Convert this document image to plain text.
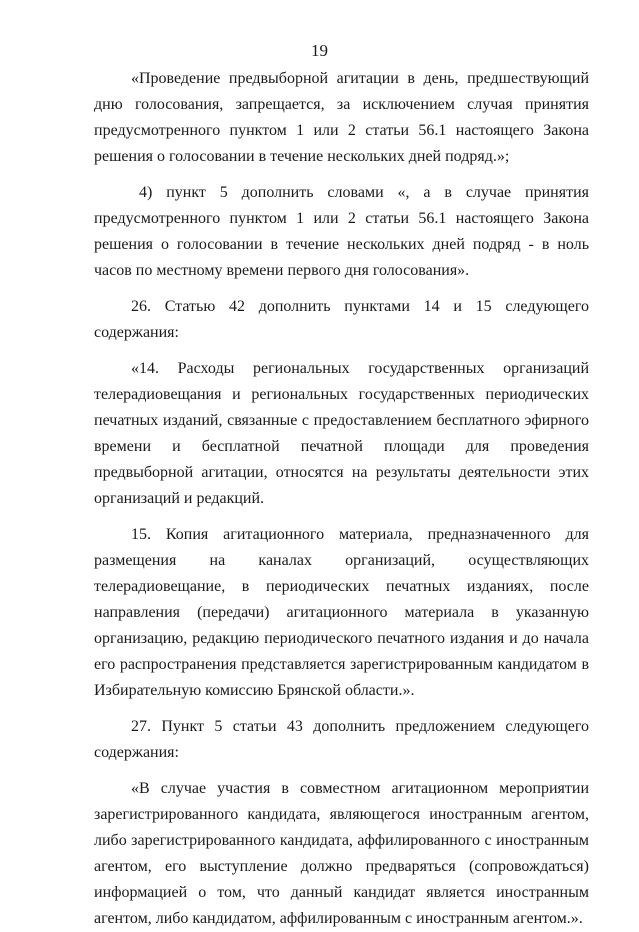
19

«Проведение предвыборной агитации в день, предшествующий дню голосования, запрещается, за исключением случая принятия предусмотренного пунктом 1 или 2 статьи 56.1 настоящего Закона решения о голосовании в течение нескольких дней подряд.»;

4) пункт 5 дополнить словами «, а в случае принятия предусмотренного пунктом 1 или 2 статьи 56.1 настоящего Закона решения о голосовании в течение нескольких дней подряд - в ноль часов по местному времени первого дня голосования».

26. Статью 42 дополнить пунктами 14 и 15 следующего содержания:

«14. Расходы региональных государственных организаций телерадиовещания и региональных государственных периодических печатных изданий, связанные с предоставлением бесплатного эфирного времени и бесплатной печатной площади для проведения предвыборной агитации, относятся на результаты деятельности этих организаций и редакций.

15. Копия агитационного материала, предназначенного для размещения на каналах организаций, осуществляющих телерадиовещание, в периодических печатных изданиях, после направления (передачи) агитационного материала в указанную организацию, редакцию периодического печатного издания и до начала его распространения представляется зарегистрированным кандидатом в Избирательную комиссию Брянской области.».

27. Пункт 5 статьи 43 дополнить предложением следующего содержания:

«В случае участия в совместном агитационном мероприятии зарегистрированного кандидата, являющегося иностранным агентом, либо зарегистрированного кандидата, аффилированного с иностранным агентом, его выступление должно предваряться (сопровождаться) информацией о том, что данный кандидат является иностранным агентом, либо кандидатом, аффилированным с иностранным агентом.».
